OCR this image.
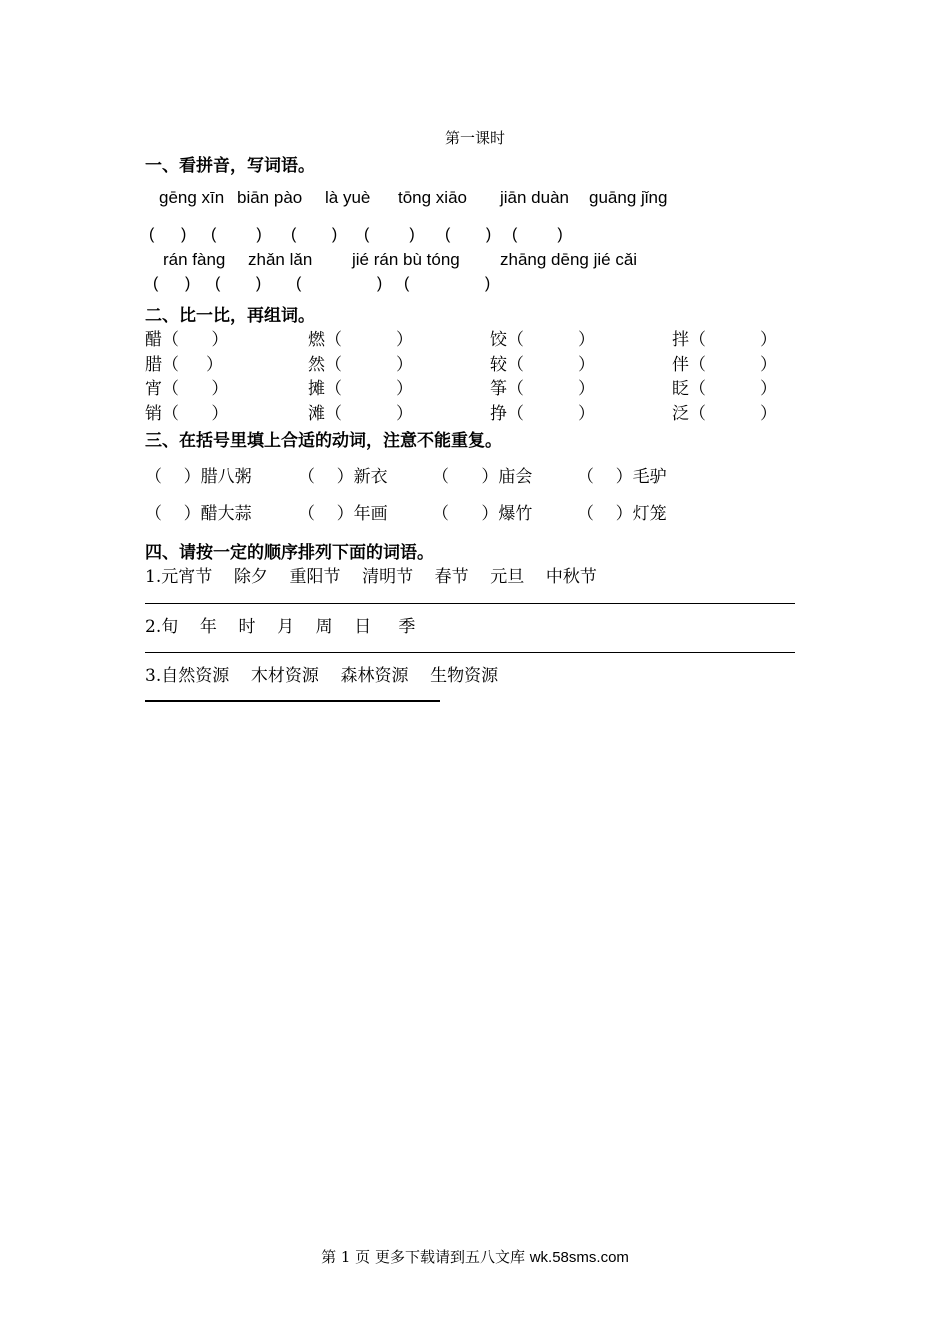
第一课时
一、看拼音，写词语。
gēng xīn biān pào là yuè tōng xiāo jiān duàn guāng jǐng
(      ) (         ) (        ) (         ) (        ) (         )
rán fàng zhǎn lǎn jié rán bù tóng zhāng dēng jié cǎi
(      ) (        ) (                 ) (                 )
二、比一比，再组词。
醋（      ）	燃（          ）	饺（          ）	拌（          ）
腊（     ）	然（          ）	较（          ）	伴（          ）
宵（      ）	摊（          ）	筝（          ）	眨（          ）
销（      ）	滩（          ）	挣（          ）	泛（          ）
三、在括号里填上合适的动词，注意不能重复。
（    ）腊八粥	（    ）新衣	（      ）庙会	（    ）毛驴
（    ）醋大蒜	（    ）年画	（      ）爆竹	（    ）灯笼
四、请按一定的顺序排列下面的词语。
1.元宵节    除夕    重阳节    清明节    春节    元旦    中秋节
2.旬    年    时    月    周    日     季
3.自然资源    木材资源    森林资源    生物资源
第 1 页 更多下载请到五八文库 wk.58sms.com
